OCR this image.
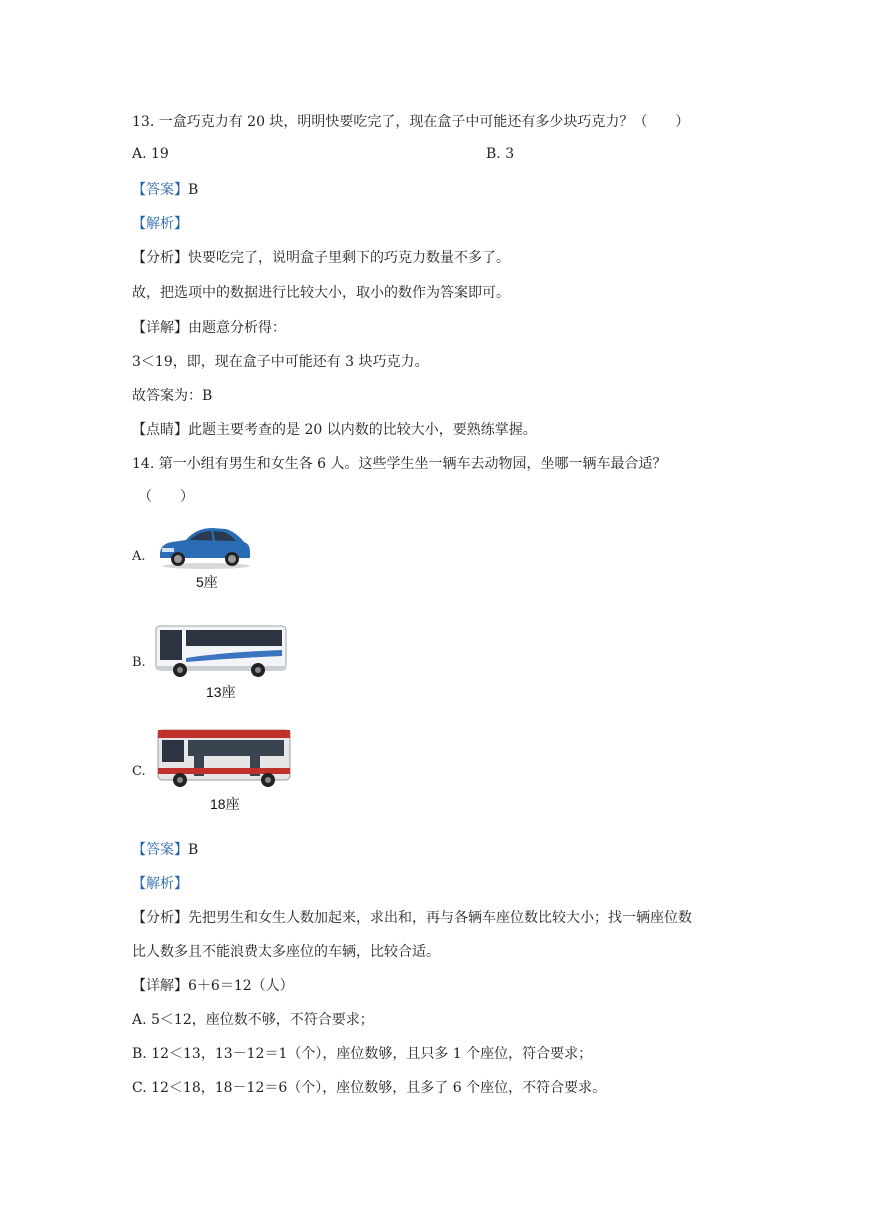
13. 一盒巧克力有 20 块，明明快要吃完了，现在盒子中可能还有多少块巧克力？（　　）
A. 19	B. 3
【答案】B
【解析】
【分析】快要吃完了，说明盒子里剩下的巧克力数量不多了。
故，把选项中的数据进行比较大小，取小的数作为答案即可。
【详解】由题意分析得：
3＜19，即，现在盒子中可能还有 3 块巧克力。
故答案为：B
【点睛】此题主要考查的是 20 以内数的比较大小，要熟练掌握。
14. 第一小组有男生和女生各 6 人。这些学生坐一辆车去动物园，坐哪一辆车最合适？
（　　）
A.
5座
B.
13座
C.
18座
【答案】B
【解析】
【分析】先把男生和女生人数加起来，求出和，再与各辆车座位数比较大小；找一辆座位数
比人数多且不能浪费太多座位的车辆，比较合适。
【详解】6＋6＝12（人）
A. 5＜12，座位数不够，不符合要求；
B. 12＜13，13－12＝1（个），座位数够，且只多 1 个座位，符合要求；
C. 12＜18，18－12＝6（个），座位数够，且多了 6 个座位，不符合要求。
